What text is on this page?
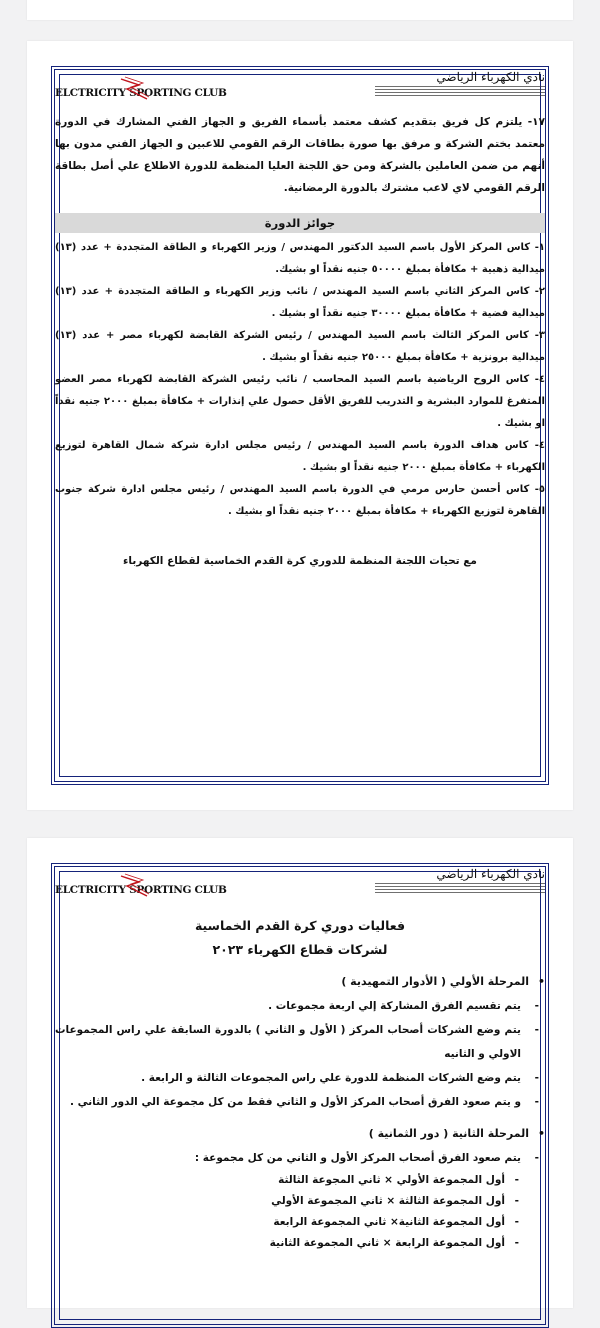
ELCTRICITY SPORTING CLUB
نادي الكهرباء الرياضي

١٧- يلتزم كل فريق بتقديم كشف معتمد بأسماء الفريق و الجهاز الفني المشارك في الدورة معتمد بختم الشركة و مرفق بها صورة بطاقات الرقم القومي للاعبين و الجهاز الفني مدون بها أنهم من ضمن العاملين بالشركة ومن حق اللجنة العليا المنظمة للدورة الاطلاع علي أصل بطاقة الرقم القومي لاي لاعب مشترك بالدورة الرمضانية.

جوائز الدورة

١- كاس المركز الأول باسم السيد الدكتور المهندس / وزير الكهرباء و الطاقة المتجددة + عدد (١٣) ميدالية ذهبية + مكافأة بمبلغ ٥٠٠٠٠ جنيه نقداً او بشيك.

٢- كاس المركز الثاني باسم السيد المهندس / نائب وزير الكهرباء و الطاقة المتجددة + عدد (١٣) ميدالية فضية + مكافأة بمبلغ ٣٠٠٠٠ جنيه نقداً او بشيك .

٣- كاس المركز الثالث باسم السيد المهندس / رئيس الشركة القابضة لكهرباء مصر + عدد (١٣) ميدالية برونزية + مكافأة بمبلغ ٢٥٠٠٠ جنيه نقداً او بشيك .

٤- كاس الروح الرياضية باسم السيد المحاسب / نائب رئيس الشركة القابضة لكهرباء مصر العضو المتفرغ للموارد البشرية و التدريب للفريق الأقل حصول علي إنذارات + مكافأة بمبلغ ٢٠٠٠ جنيه نقداً او بشيك .

٤- كاس هداف الدورة باسم السيد المهندس / رئيس مجلس ادارة شركة شمال القاهرة لتوزيع الكهرباء + مكافأة بمبلغ ٢٠٠٠ جنيه نقداً او بشيك .

٥- كاس أحسن حارس مرمي في الدورة باسم السيد المهندس / رئيس مجلس ادارة شركة جنوب القاهرة لتوزيع الكهرباء + مكافأة بمبلغ ٢٠٠٠ جنيه نقداً او بشيك .

مع تحيات اللجنة المنظمة للدوري كرة القدم الخماسية لقطاع الكهرباء
ELCTRICITY SPORTING CLUB
نادي الكهرباء الرياضي
فعاليات دوري كرة القدم الخماسية
لشركات قطاع الكهرباء ٢٠٢٣
•المرحلة الأولي ( الأدوار التمهيدية )
- يتم تقسيم الفرق المشاركة إلي اربعة مجموعات .
- يتم وضع الشركات أصحاب المركز ( الأول و الثاني ) بالدورة السابقة علي راس المجموعات الاولي و الثانيه
- يتم وضع الشركات المنظمة للدورة علي راس المجموعات الثالثة و الرابعة .
- و يتم صعود الفرق أصحاب المركز الأول و الثاني فقط من كل مجموعة الي الدور الثاني .
•المرحلة الثانية ( دور الثمانية )
- يتم صعود الفرق أصحاب المركز الأول و الثاني من كل مجموعة :
- أول المجموعة الأولي × ثاني المجوعة الثالثة
- أول المجموعة الثالثة × ثاني المجموعة الأولي
- أول المجموعة الثانية× ثاني المجموعة الرابعة
- أول المجموعة الرابعة × ثاني المجموعة الثانية
